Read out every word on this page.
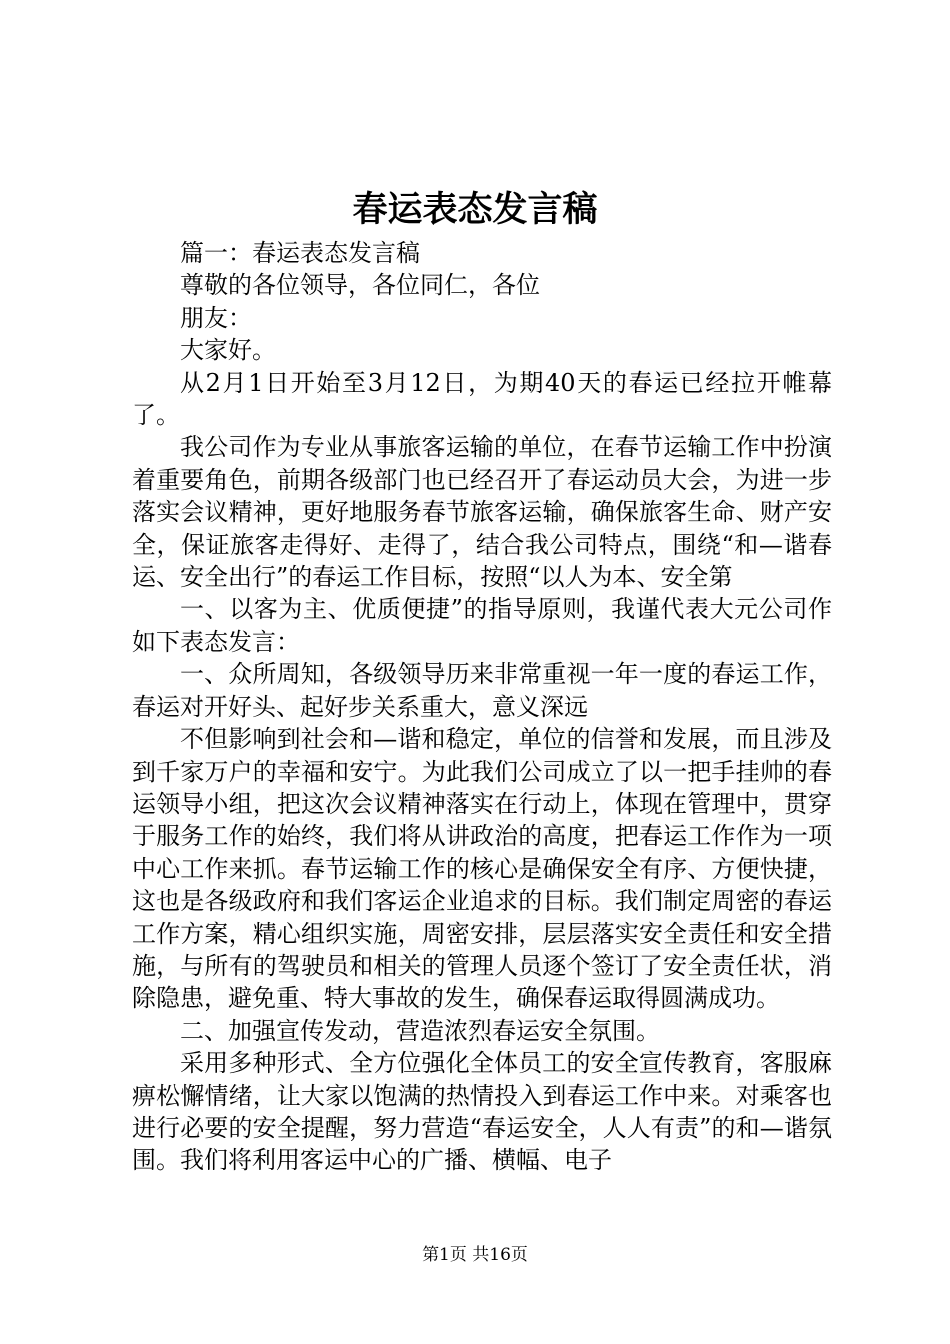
春运表态发言稿

篇一：春运表态发言稿

尊敬的各位领导，各位同仁，各位

朋友：

大家好。

从2月1日开始至3月12日，为期40天的春运已经拉开帷幕了。

我公司作为专业从事旅客运输的单位，在春节运输工作中扮演着重要角色，前期各级部门也已经召开了春运动员大会，为进一步落实会议精神，更好地服务春节旅客运输，确保旅客生命、财产安全，保证旅客走得好、走得了，结合我公司特点，围绕“和—谐春运、安全出行”的春运工作目标，按照“以人为本、安全第

一、以客为主、优质便捷”的指导原则，我谨代表大元公司作如下表态发言：

一、众所周知，各级领导历来非常重视一年一度的春运工作，春运对开好头、起好步关系重大，意义深远

不但影响到社会和—谐和稳定，单位的信誉和发展，而且涉及到千家万户的幸福和安宁。为此我们公司成立了以一把手挂帅的春运领导小组，把这次会议精神落实在行动上，体现在管理中，贯穿于服务工作的始终，我们将从讲政治的高度，把春运工作作为一项中心工作来抓。春节运输工作的核心是确保安全有序、方便快捷，这也是各级政府和我们客运企业追求的目标。我们制定周密的春运工作方案，精心组织实施，周密安排，层层落实安全责任和安全措施，与所有的驾驶员和相关的管理人员逐个签订了安全责任状，消除隐患，避免重、特大事故的发生，确保春运取得圆满成功。

二、加强宣传发动，营造浓烈春运安全氛围。

采用多种形式、全方位强化全体员工的安全宣传教育，客服麻痹松懈情绪，让大家以饱满的热情投入到春运工作中来。对乘客也进行必要的安全提醒，努力营造“春运安全，人人有责”的和—谐氛围。我们将利用客运中心的广播、横幅、电子

第1页 共16页
